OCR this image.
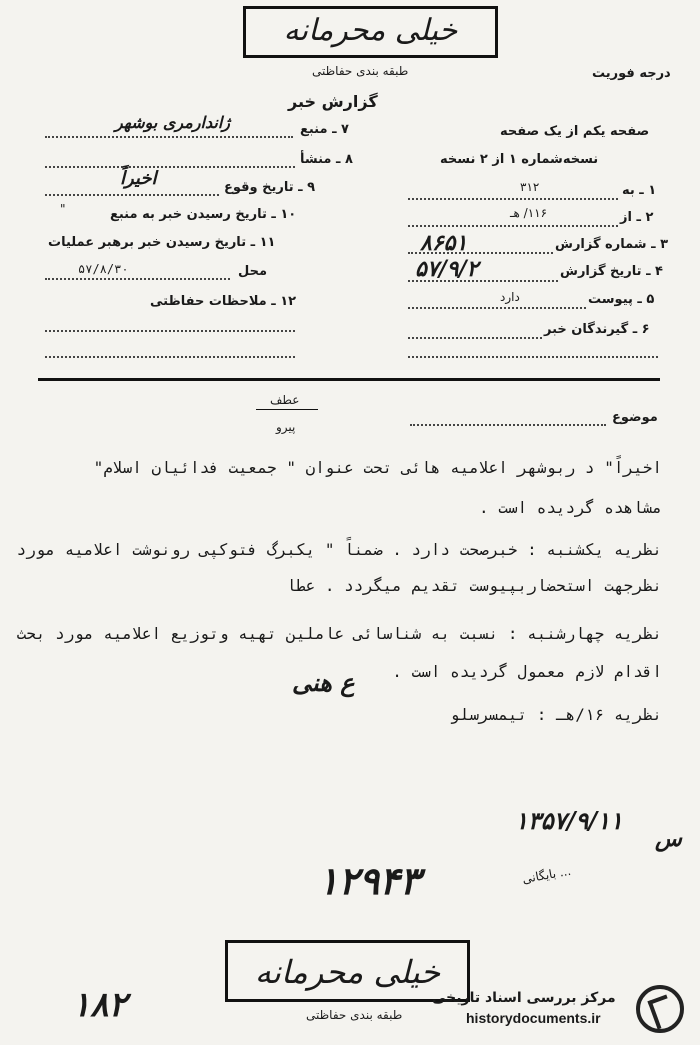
خیلی محرمانه
طبقه بندی حفاظتی	درجه فوریت
گزارش خبر
صفحه یکم از یک صفحه
نسخه‌شماره ۱ از ۲ نسخه
۱ ـ به
۳۱۲
۲ ـ از
۱۱۶/ هـ
۳ ـ شماره گزارش
۸۶۵۱
۴ ـ تاریخ گزارش
۵۷/۹/۲
۵ ـ پیوست
دارد
۶ ـ گیرندگان خبر
۷ ـ منبع
ژاندارمری بوشهر
۸ ـ منشأ
۹ ـ تاریخ وقوع
اخیراً
۱۰ ـ تاریخ رسیدن خبر به منبع
"
۱۱ ـ تاریخ رسیدن خبر برهبر عملیات
محل
۵۷/۸/۳۰
۱۲ ـ ملاحظات حفاظتی
عطف
پیرو
موضوع
اخیراً" د ربوشهر اعلامیه هائی تحت عنوان " جمعیت فدائیان اسلام"
مشاهده گردیده است .
نظریه یکشنبه : خبرصحت دارد . ضمناً " یکبرگ فتوکپی رونوشت اعلامیه مورد
نظرجهت استحضاربپیوست تقدیم میگردد . عطا
نظریه چهارشنبه : نسبت به شناسائی عاملین تهیه وتوزیع اعلامیه مورد بحث
اقدام لازم معمول گردیده است .
ع هنی
نظریه ۱۶/هـ : تیمسرسلو
۱۳۵۷/۹/۱۱
س
۱۲۹۴۳	... بایگانی
خیلی محرمانه
طبقه بندی حفاظتی
۱۸۲	مرکز بررسی اسناد تاریخی
historydocuments.ir
